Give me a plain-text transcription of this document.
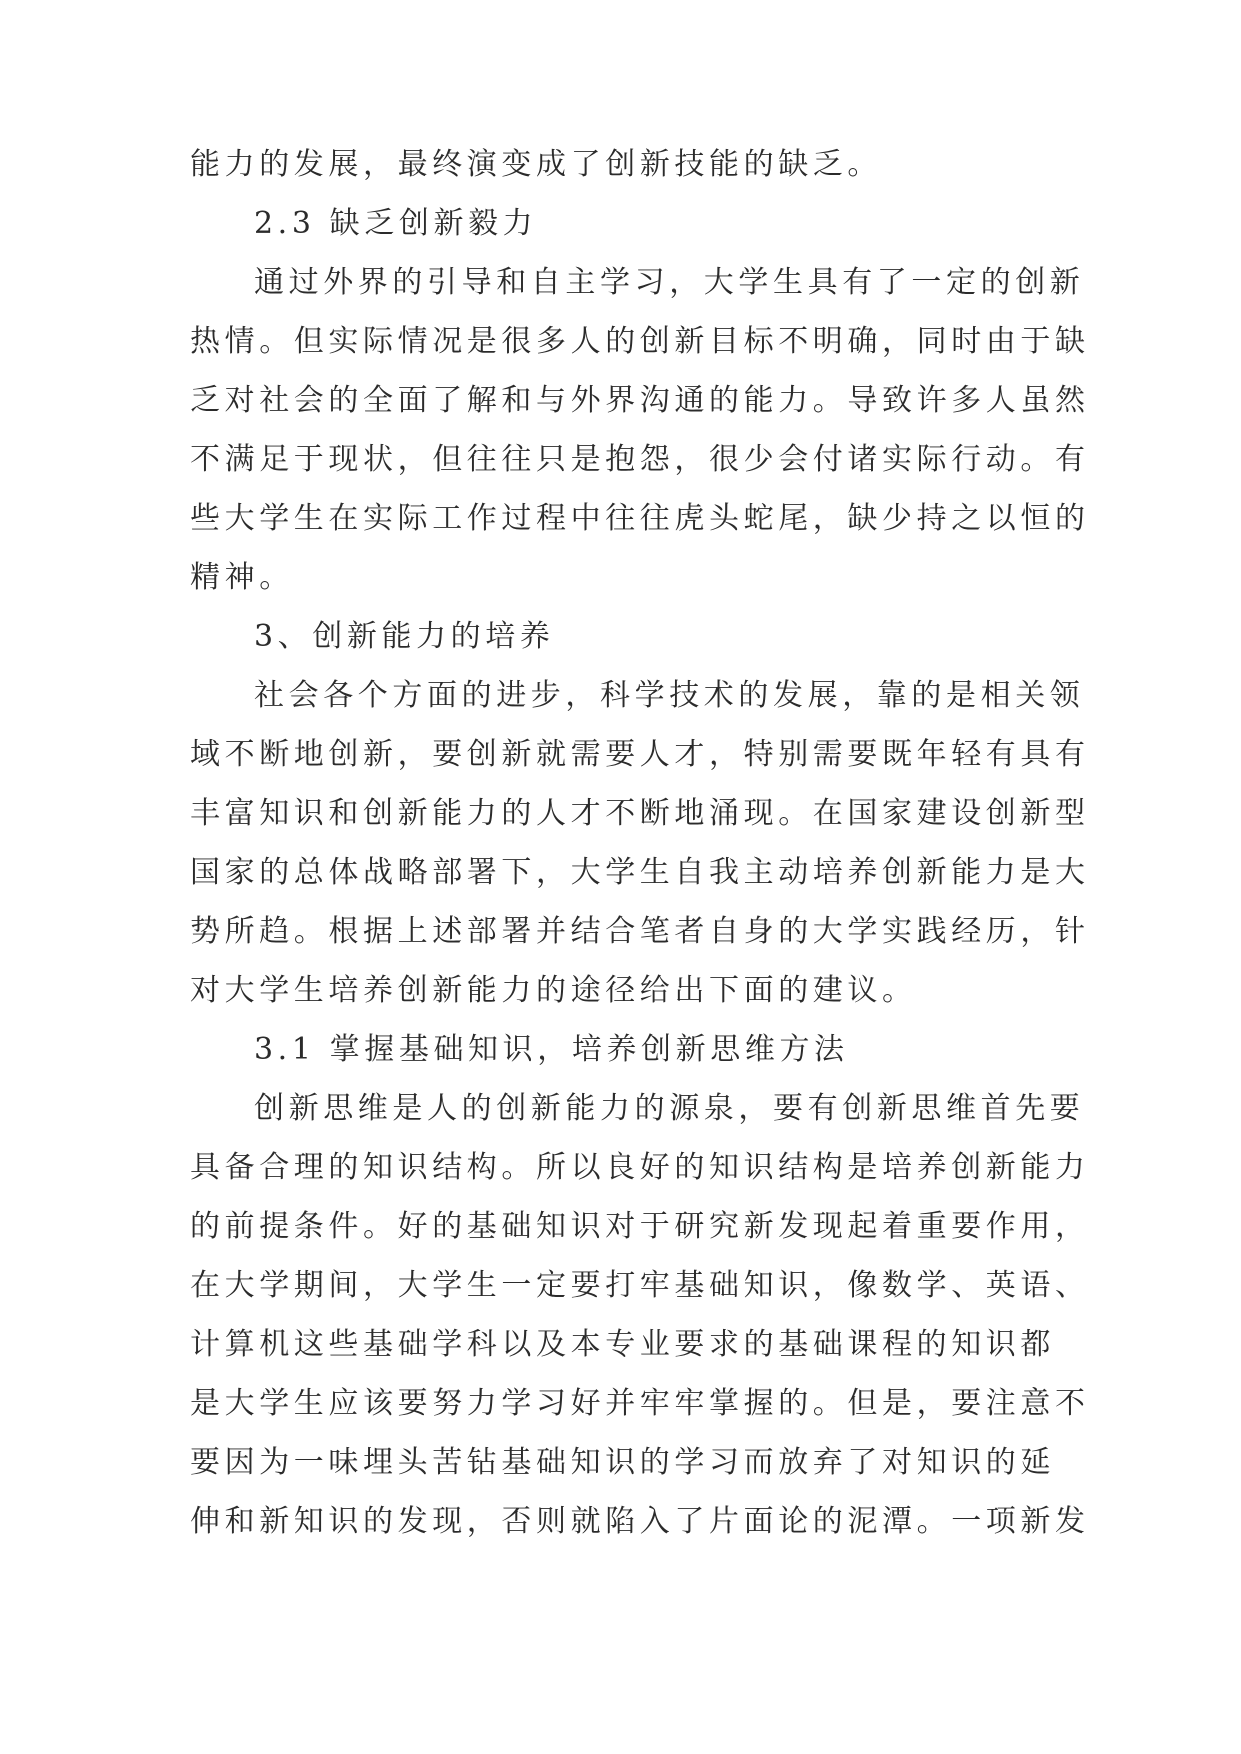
能力的发展，最终演变成了创新技能的缺乏。
2.3 缺乏创新毅力
通过外界的引导和自主学习，大学生具有了一定的创新
热情。但实际情况是很多人的创新目标不明确，同时由于缺
乏对社会的全面了解和与外界沟通的能力。导致许多人虽然
不满足于现状，但往往只是抱怨，很少会付诸实际行动。有
些大学生在实际工作过程中往往虎头蛇尾，缺少持之以恒的
精神。
3、创新能力的培养
社会各个方面的进步，科学技术的发展，靠的是相关领
域不断地创新，要创新就需要人才，特别需要既年轻有具有
丰富知识和创新能力的人才不断地涌现。在国家建设创新型
国家的总体战略部署下，大学生自我主动培养创新能力是大
势所趋。根据上述部署并结合笔者自身的大学实践经历，针
对大学生培养创新能力的途径给出下面的建议。
3.1 掌握基础知识，培养创新思维方法
创新思维是人的创新能力的源泉，要有创新思维首先要
具备合理的知识结构。所以良好的知识结构是培养创新能力
的前提条件。好的基础知识对于研究新发现起着重要作用，
在大学期间，大学生一定要打牢基础知识，像数学、英语、
计算机这些基础学科以及本专业要求的基础课程的知识都
是大学生应该要努力学习好并牢牢掌握的。但是，要注意不
要因为一味埋头苦钻基础知识的学习而放弃了对知识的延
伸和新知识的发现，否则就陷入了片面论的泥潭。一项新发
